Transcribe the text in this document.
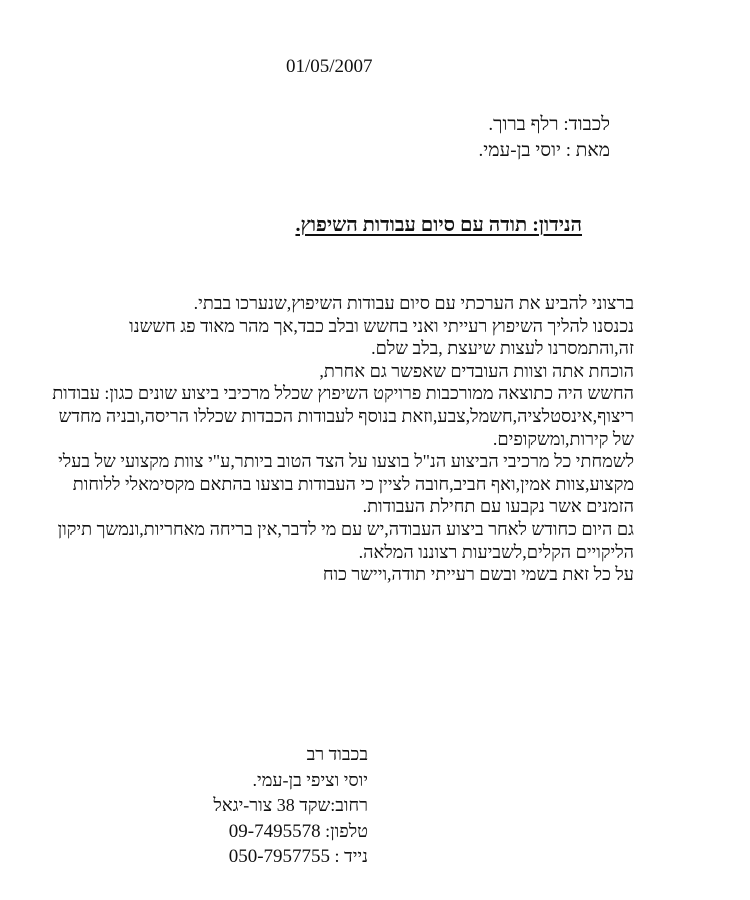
01/05/2007
לכבוד: רלף ברוך.
מאת : יוסי בן-עמי.
הנידון: תודה עם סיום עבודות השיפוץ.
ברצוני להביע את הערכתי עם סיום עבודות השיפוץ,שנערכו בבתי.
נכנסנו להליך השיפוץ רעייתי ואני בחשש ובלב כבד,אך מהר מאוד פג חששנו
זה,והתמסרנו לעצות שיעצת ,בלב שלם.
הוכחת אתה וצוות העובדים שאפשר גם אחרת,
החשש היה כתוצאה ממורכבות פרויקט השיפוץ שכלל מרכיבי ביצוע שונים כגון: עבודות
ריצוף,אינסטלציה,חשמל,צבע,וזאת בנוסף לעבודות הכבדות שכללו הריסה,ובניה מחדש
של קירות,ומשקופים.
לשמחתי כל מרכיבי הביצוע הנ"ל בוצעו על הצד הטוב ביותר,ע"י צוות מקצועי של בעלי
מקצוע,צוות אמין,ואף חביב,חובה לציין כי העבודות בוצעו בהתאם מקסימאלי ללוחות
הזמנים אשר נקבעו עם תחילת העבודות.
גם היום כחודש לאחר ביצוע העבודה,יש עם מי לדבר,אין בריחה מאחריות,ונמשך תיקון
הליקויים הקלים,לשביעות רצוננו המלאה.
על כל זאת בשמי ובשם רעייתי תודה,ויישר כוח
בכבוד רב
יוסי וציפי בן-עמי.
רחוב:שקד 38 צור-יגאל
טלפון: 09-7495578
נייד : 050-7957755
